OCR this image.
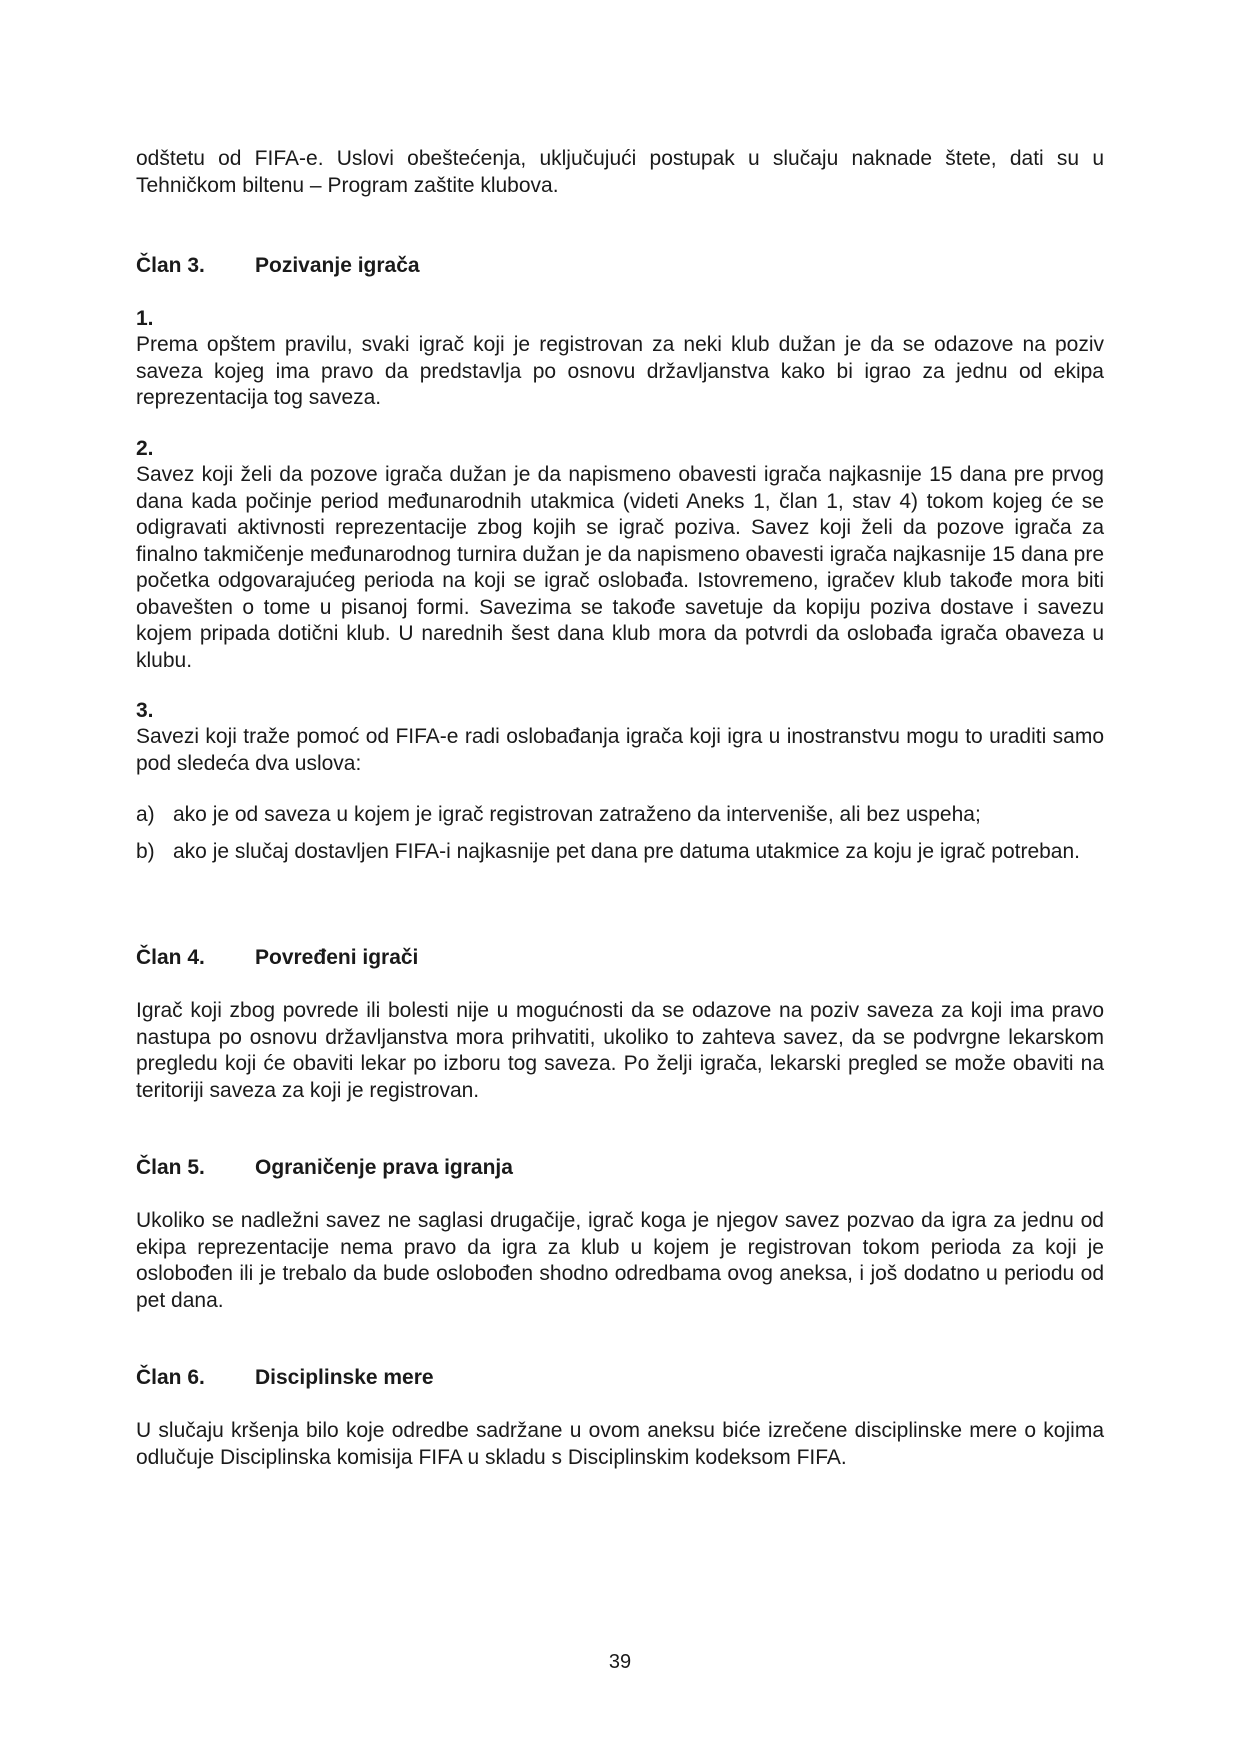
odštetu od FIFA-e. Uslovi obeštećenja, uključujući postupak u slučaju naknade štete, dati su u Tehničkom biltenu – Program zaštite klubova.
Član 3.	Pozivanje igrača
1.
Prema opštem pravilu, svaki igrač koji je registrovan za neki klub dužan je da se odazove na poziv saveza kojeg ima pravo da predstavlja po osnovu državljanstva kako bi igrao za jednu od ekipa reprezentacija tog saveza.
2.
Savez koji želi da pozove igrača dužan je da napismeno obavesti igrača najkasnije 15 dana pre prvog dana kada počinje period međunarodnih utakmica (videti Aneks 1, član 1, stav 4) tokom kojeg će se odigravati aktivnosti reprezentacije zbog kojih se igrač poziva. Savez koji želi da pozove igrača za finalno takmičenje međunarodnog turnira dužan je da napismeno obavesti igrača najkasnije 15 dana pre početka odgovarajućeg perioda na koji se igrač oslobađa. Istovremeno, igračev klub takođe mora biti obavešten o tome u pisanoj formi. Savezima se takođe savetuje da kopiju poziva dostave i savezu kojem pripada dotični klub. U narednih šest dana klub mora da potvrdi da oslobađa igrača obaveza u klubu.
3.
Savezi koji traže pomoć od FIFA-e radi oslobađanja igrača koji igra u inostranstvu mogu to uraditi samo pod sledeća dva uslova:
a) ako je od saveza u kojem je igrač registrovan zatraženo da interveniše, ali bez uspeha;
b) ako je slučaj dostavljen FIFA-i najkasnije pet dana pre datuma utakmice za koju je igrač potreban.
Član 4.	Povređeni igrači
Igrač koji zbog povrede ili bolesti nije u mogućnosti da se odazove na poziv saveza za koji ima pravo nastupa po osnovu državljanstva mora prihvatiti, ukoliko to zahteva savez, da se podvrgne lekarskom pregledu koji će obaviti lekar po izboru tog saveza. Po želji igrača, lekarski pregled se može obaviti na teritoriji saveza za koji je registrovan.
Član 5.	Ograničenje prava igranja
Ukoliko se nadležni savez ne saglasi drugačije, igrač koga je njegov savez pozvao da igra za jednu od ekipa reprezentacije nema pravo da igra za klub u kojem je registrovan tokom perioda za koji je oslobođen ili je trebalo da bude oslobođen shodno odredbama ovog aneksa, i još dodatno u periodu od pet dana.
Član 6.	Disciplinske mere
U slučaju kršenja bilo koje odredbe sadržane u ovom aneksu biće izrečene disciplinske mere o kojima odlučuje Disciplinska komisija FIFA u skladu s Disciplinskim kodeksom FIFA.
39
